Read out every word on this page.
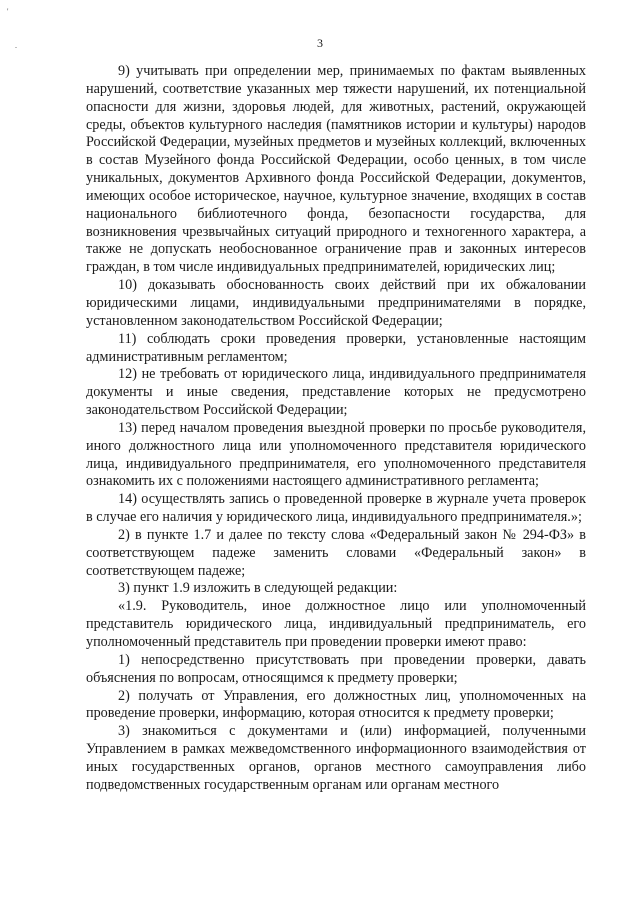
'
.	3

9) учитывать при определении мер, принимаемых по фактам выявленных нарушений, соответствие указанных мер тяжести нарушений, их потенциальной опасности для жизни, здоровья людей, для животных, растений, окружающей среды, объектов культурного наследия (памятников истории и культуры) народов Российской Федерации, музейных предметов и музейных коллекций, включенных в состав Музейного фонда Российской Федерации, особо ценных, в том числе уникальных, документов Архивного фонда Российской Федерации, документов, имеющих особое историческое, научное, культурное значение, входящих в состав национального библиотечного фонда, безопасности государства, для возникновения чрезвычайных ситуаций природного и техногенного характера, а также не допускать необоснованное ограничение прав и законных интересов граждан, в том числе индивидуальных предпринимателей, юридических лиц;

10) доказывать обоснованность своих действий при их обжаловании юридическими лицами, индивидуальными предпринимателями в порядке, установленном законодательством Российской Федерации;

11) соблюдать сроки проведения проверки, установленные настоящим административным регламентом;

12) не требовать от юридического лица, индивидуального предпринимателя документы и иные сведения, представление которых не предусмотрено законодательством Российской Федерации;

13) перед началом проведения выездной проверки по просьбе руководителя, иного должностного лица или уполномоченного представителя юридического лица, индивидуального предпринимателя, его уполномоченного представителя ознакомить их с положениями настоящего административного регламента;

14) осуществлять запись о проведенной проверке в журнале учета проверок в случае его наличия у юридического лица, индивидуального предпринимателя.»;

2) в пункте 1.7 и далее по тексту слова «Федеральный закон № 294-ФЗ» в соответствующем падеже заменить словами «Федеральный закон» в соответствующем падеже;

3) пункт 1.9 изложить в следующей редакции:

«1.9. Руководитель, иное должностное лицо или уполномоченный представитель юридического лица, индивидуальный предприниматель, его уполномоченный представитель при проведении проверки имеют право:

1) непосредственно присутствовать при проведении проверки, давать объяснения по вопросам, относящимся к предмету проверки;

2) получать от Управления, его должностных лиц, уполномоченных на проведение проверки, информацию, которая относится к предмету проверки;

3) знакомиться с документами и (или) информацией, полученными Управлением в рамках межведомственного информационного взаимодействия от иных государственных органов, органов местного самоуправления либо подведомственных государственным органам или органам местного
